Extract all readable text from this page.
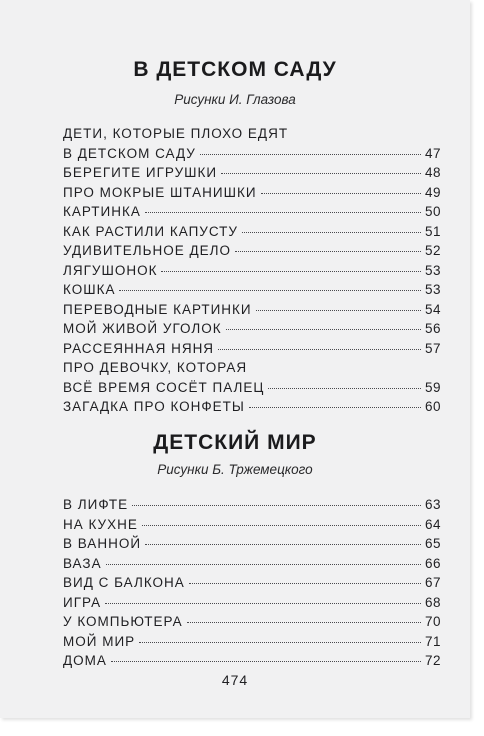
В ДЕТСКОМ САДУ

Рисунки И. Глазова

ДЕТИ, КОТОРЫЕ ПЛОХО ЕДЯТ
В ДЕТСКОМ САДУ	47
БЕРЕГИТЕ ИГРУШКИ	48
ПРО МОКРЫЕ ШТАНИШКИ	49
КАРТИНКА	50
КАК РАСТИЛИ КАПУСТУ	51
УДИВИТЕЛЬНОЕ ДЕЛО	52
ЛЯГУШОНОК	53
КОШКА	53
ПЕРЕВОДНЫЕ КАРТИНКИ	54
МОЙ ЖИВОЙ УГОЛОК	56
РАССЕЯННАЯ НЯНЯ	57
ПРО ДЕВОЧКУ, КОТОРАЯ
ВСЁ ВРЕМЯ СОСЁТ ПАЛЕЦ	59
ЗАГАДКА ПРО КОНФЕТЫ	60
ДЕТСКИЙ МИР

Рисунки Б. Тржемецкого

В ЛИФТЕ	63
НА КУХНЕ	64
В ВАННОЙ	65
ВАЗА	66
ВИД С БАЛКОНА	67
ИГРА	68
У КОМПЬЮТЕРА	70
МОЙ МИР	71
ДОМА	72
474
